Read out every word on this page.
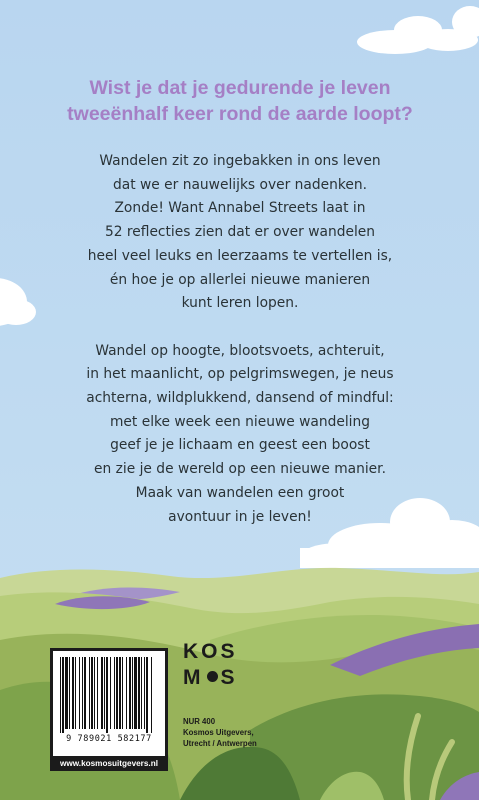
Wist je dat je gedurende je leven
tweeënhalf keer rond de aarde loopt?

Wandelen zit zo ingebakken in ons leven
dat we er nauwelijks over nadenken.
Zonde! Want Annabel Streets laat in
52 reflecties zien dat er over wandelen
heel veel leuks en leerzaams te vertellen is,
én hoe je op allerlei nieuwe manieren
kunt leren lopen.

Wandel op hoogte, blootsvoets, achteruit,
in het maanlicht, op pelgrimswegen, je neus
achterna, wildplukkend, dansend of mindful:
met elke week een nieuwe wandeling
geef je je lichaam en geest een boost
en zie je de wereld op een nieuwe manier.
Maak van wandelen een groot
avontuur in je leven!

9 789021 582177

www.kosmosuitgevers.nl

KOS
M S
NUR 400
Kosmos Uitgevers,
Utrecht / Antwerpen
